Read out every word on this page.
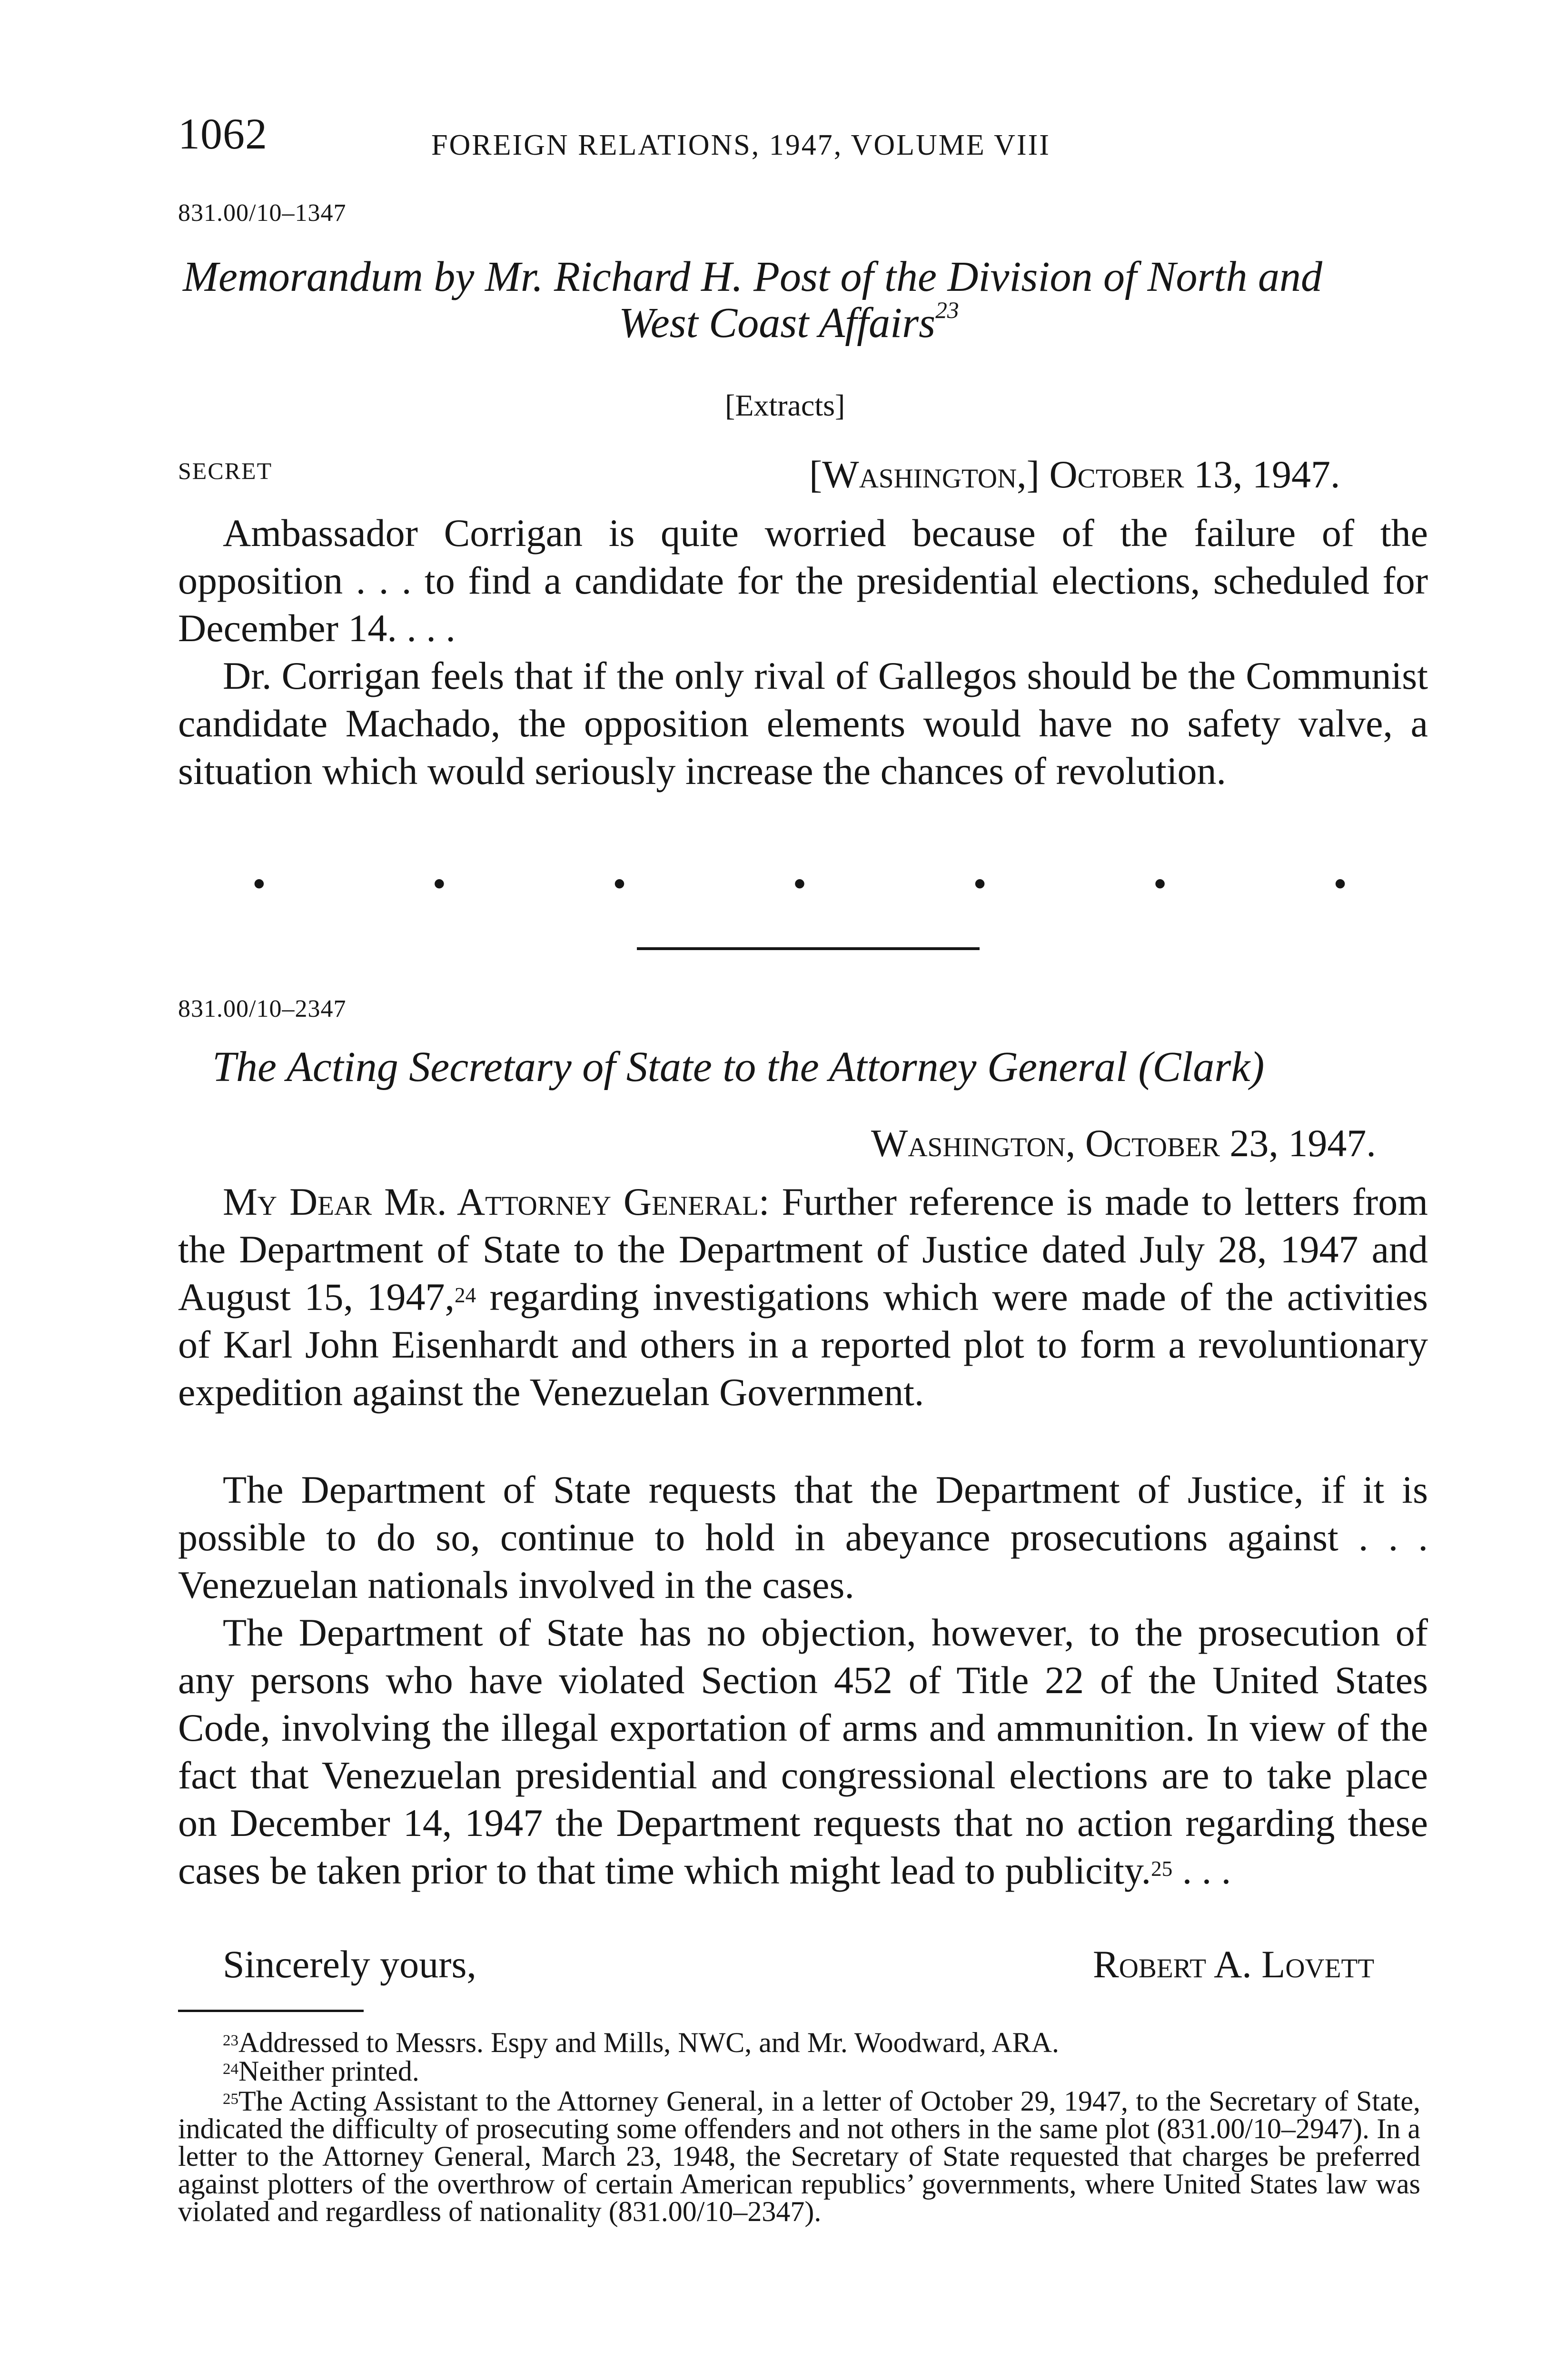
1062	FOREIGN RELATIONS, 1947, VOLUME VIII
831.00/10–1347
Memorandum by Mr. Richard H. Post of the Division of North and
West Coast Affairs$^{23}$
[Extracts]
SECRET	[Washington,] October 13, 1947.
Ambassador Corrigan is quite worried because of the failure of the opposition . . . to find a candidate for the presidential elections, scheduled for December 14. . . .
Dr. Corrigan feels that if the only rival of Gallegos should be the Communist candidate Machado, the opposition elements would have no safety valve, a situation which would seriously increase the chances of revolution.
•	•	•	•	•	•	•
831.00/10–2347
The Acting Secretary of State to the Attorney General (Clark)
Washington, October 23, 1947.
My Dear Mr. Attorney General: Further reference is made to letters from the Department of State to the Department of Justice dated July 28, 1947 and August 15, 1947,24 regarding investigations which were made of the activities of Karl John Eisenhardt and others in a reported plot to form a revoluntionary expedition against the Venezuelan Government.
The Department of State requests that the Department of Justice, if it is possible to do so, continue to hold in abeyance prosecutions against . . . Venezuelan nationals involved in the cases.
The Department of State has no objection, however, to the prosecution of any persons who have violated Section 452 of Title 22 of the United States Code, involving the illegal exportation of arms and ammunition. In view of the fact that Venezuelan presidential and congressional elections are to take place on December 14, 1947 the Department requests that no action regarding these cases be taken prior to that time which might lead to publicity.$^{25}$ . . .
Sincerely yours,	Robert A. Lovett
$^{23}$Addressed to Messrs. Espy and Mills, NWC, and Mr. Woodward, ARA.
$^{24}$Neither printed.
$^{25}$The Acting Assistant to the Attorney General, in a letter of October 29, 1947, to the Secretary of State, indicated the difficulty of prosecuting some offenders and not others in the same plot (831.00/10–2947). In a letter to the Attorney General, March 23, 1948, the Secretary of State requested that charges be preferred against plotters of the overthrow of certain American republics’ governments, where United States law was violated and regardless of nationality (831.00/10–2347).
